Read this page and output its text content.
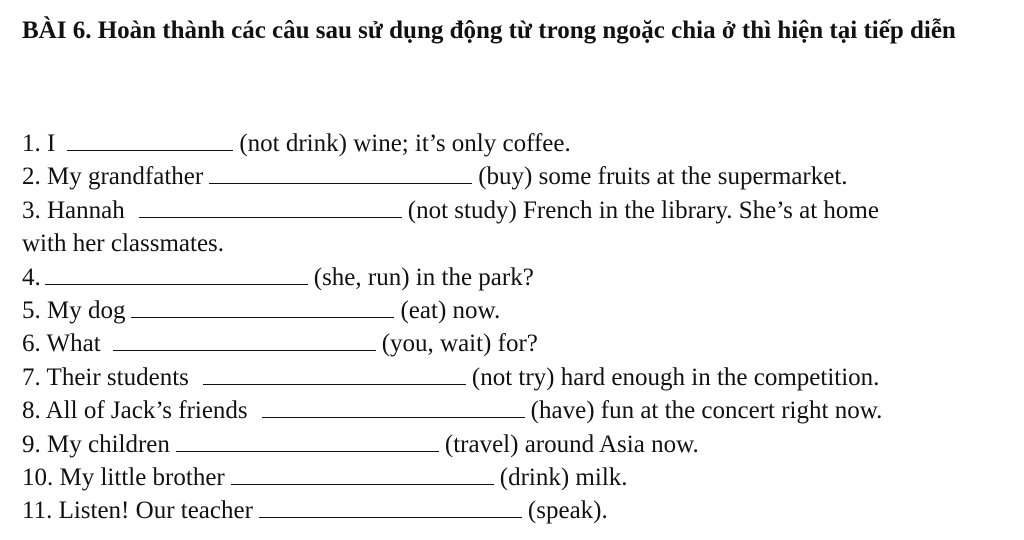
BÀI 6. Hoàn thành các câu sau sử dụng động từ trong ngoặc chia ở thì hiện tại tiếp diễn
1. I	(not drink) wine; it’s only coffee.
2. My grandfather	(buy) some fruits at the supermarket.
3. Hannah	(not study) French in the library. She’s at home
with her classmates.
4.	(she, run) in the park?
5. My dog	(eat) now.
6. What	(you, wait) for?
7. Their students	(not try) hard enough in the competition.
8. All of Jack’s friends	(have) fun at the concert right now.
9. My children	(travel) around Asia now.
10. My little brother	(drink) milk.
11. Listen! Our teacher	(speak).
